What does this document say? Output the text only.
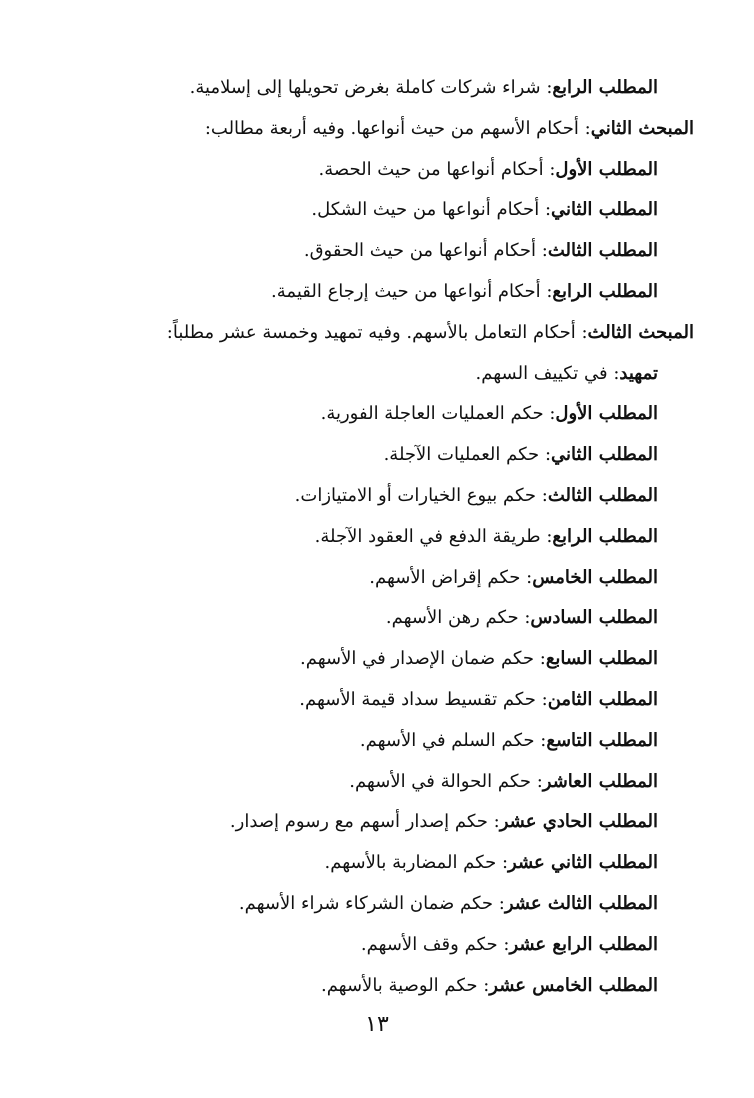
المطلب الرابع: شراء شركات كاملة بغرض تحويلها إلى إسلامية.
المبحث الثاني: أحكام الأسهم من حيث أنواعها. وفيه أربعة مطالب:
المطلب الأول: أحكام أنواعها من حيث الحصة.
المطلب الثاني: أحكام أنواعها من حيث الشكل.
المطلب الثالث: أحكام أنواعها من حيث الحقوق.
المطلب الرابع: أحكام أنواعها من حيث إرجاع القيمة.
المبحث الثالث: أحكام التعامل بالأسهم. وفيه تمهيد وخمسة عشر مطلباً:
تمهيد: في تكييف السهم.
المطلب الأول: حكم العمليات العاجلة الفورية.
المطلب الثاني: حكم العمليات الآجلة.
المطلب الثالث: حكم بيوع الخيارات أو الامتيازات.
المطلب الرابع: طريقة الدفع في العقود الآجلة.
المطلب الخامس: حكم إقراض الأسهم.
المطلب السادس: حكم رهن الأسهم.
المطلب السابع: حكم ضمان الإصدار في الأسهم.
المطلب الثامن: حكم تقسيط سداد قيمة الأسهم.
المطلب التاسع: حكم السلم في الأسهم.
المطلب العاشر: حكم الحوالة في الأسهم.
المطلب الحادي عشر: حكم إصدار أسهم مع رسوم إصدار.
المطلب الثاني عشر: حكم المضاربة بالأسهم.
المطلب الثالث عشر: حكم ضمان الشركاء شراء الأسهم.
المطلب الرابع عشر: حكم وقف الأسهم.
المطلب الخامس عشر: حكم الوصية بالأسهم.
١٣
